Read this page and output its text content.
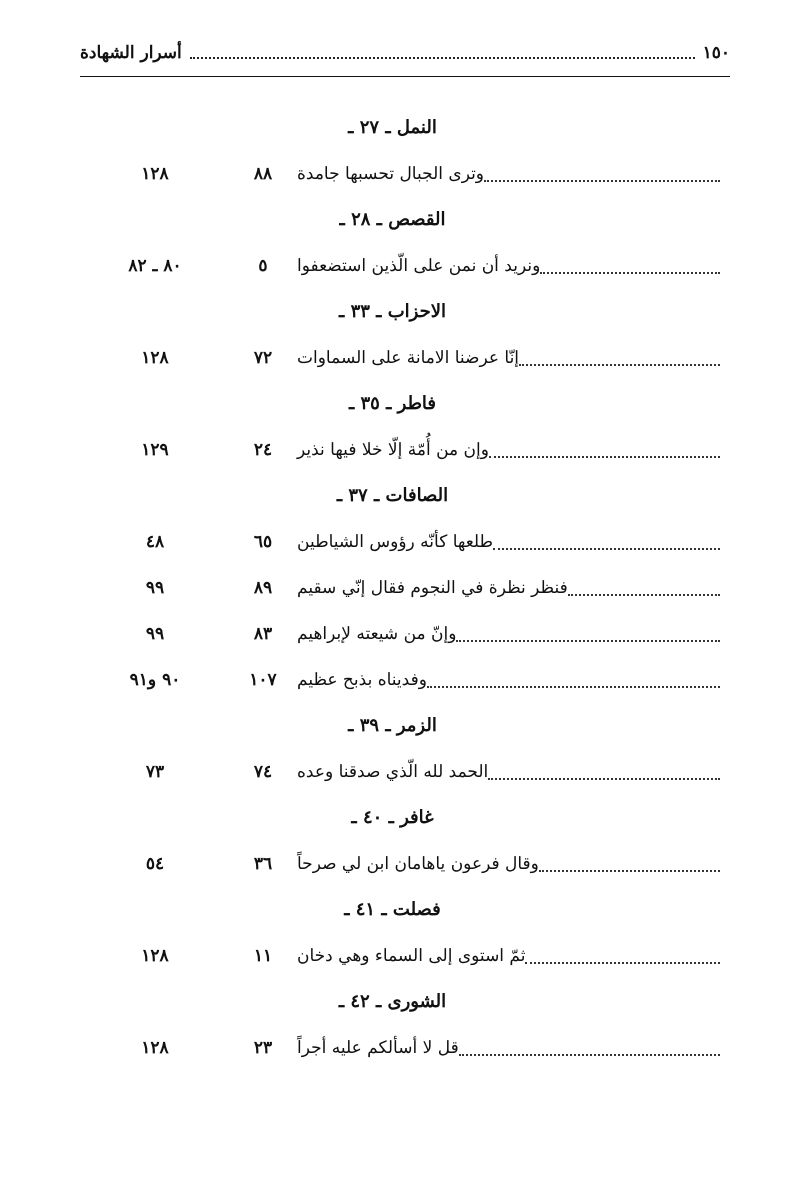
١٥٠
أسرار الشهادة
النمل ـ ٢٧ ـ
وترى الجبال تحسبها جامدة
٨٨
١٢٨
القصص ـ ٢٨ ـ
ونريد أن نمن على الّذين استضعفوا
٥
٨٠ ـ ٨٢
الاحزاب ـ ٣٣ ـ
إنّا عرضنا الامانة على السماوات
٧٢
١٢٨
فاطر ـ ٣٥ ـ
وإن من أُمّة إلّا خلا فيها نذير
٢٤
١٢٩
الصافات ـ ٣٧ ـ
طلعها كأنّه رؤوس الشياطين
٦٥
٤٨
فنظر نظرة في النجوم فقال إنّي سقيم
٨٩
٩٩
وإنّ من شيعته لإبراهيم
٨٣
٩٩
وفديناه بذبح عظيم
١٠٧
٩٠ و٩١
الزمر ـ ٣٩ ـ
الحمد لله الّذي صدقنا وعده
٧٤
٧٣
غافر ـ ٤٠ ـ
وقال فرعون ياهامان ابن لي صرحاً
٣٦
٥٤
فصلت ـ ٤١ ـ
ثمّ استوى إلى السماء وهي دخان
١١
١٢٨
الشورى ـ ٤٢ ـ
قل لا أسألكم عليه أجراً
٢٣
١٢٨
